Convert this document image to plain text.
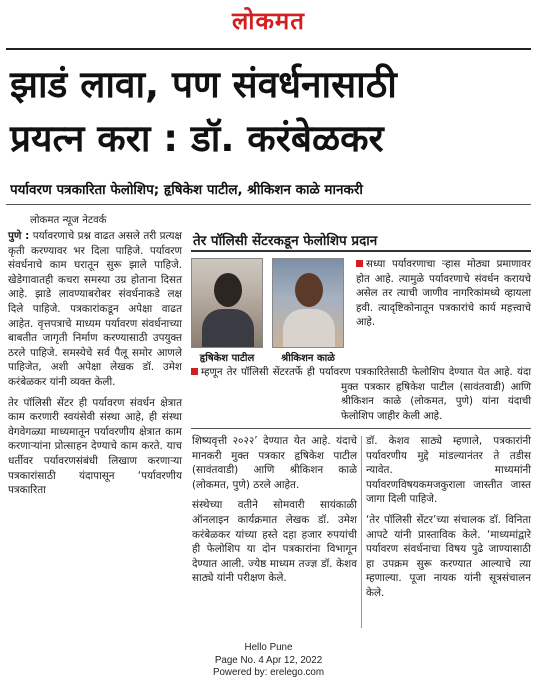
लोकमत
झाडं लावा, पण संवर्धनासाठी
प्रयत्न करा : डॉ. करंबेळकर
पर्यावरण पत्रकारिता फेलोशिप; हृषिकेश पाटील, श्रीकिशन काळे मानकरी
लोकमत न्यूज नेटवर्क

पुणे : पर्यावरणाचे प्रश्न वाढत असले तरी प्रत्यक्ष कृती करण्यावर भर दिला पाहिजे. पर्यावरण संवर्धनाचे काम घरातून सुरू झाले पाहिजे. खेडेगावातही कचरा समस्या उग्र होताना दिसत आहे. झाडे लावण्याबरोबर संवर्धनाकडे लक्ष दिले पाहिजे. पत्रकारांकडून अपेक्षा वाढत आहेत. वृत्तपत्राचे माध्यम पर्यावरण संवर्धनाच्या बाबतीत जागृती निर्माण करण्यासाठी उपयुक्त ठरले पाहिजे. समस्येचे सर्व पैलू समोर आणले पाहिजेत, अशी अपेक्षा लेखक डॉ. उमेश करंबेळकर यांनी व्यक्त केली.

तेर पॉलिसी सेंटर ही पर्यावरण संवर्धन क्षेत्रात काम करणारी स्वयंसेवी संस्था आहे, ही संस्था वेगवेगळ्या माध्यमातून पर्यावरणीय क्षेत्रात काम करणाऱ्यांना प्रोत्साहन देण्याचे काम करते. याच धर्तीवर पर्यावरणसंबंधी लिखाण करणाऱ्या पत्रकारांसाठी यंदापासून ‘पर्यावरणीय पत्रकारिता

तेर पॉलिसी सेंटरकडून फेलोशिप प्रदान
हृषिकेश पाटील	श्रीकिशन काळे
सध्या पर्यावरणाचा ऱ्हास मोठ्या प्रमाणावर होत आहे. त्यामुळे पर्यावरणाचे संवर्धन करायचे असेल तर त्याची जाणीव नागरिकांमध्ये व्हायला हवी. त्यादृष्टिकोनातून पत्रकारांचे कार्य महत्त्वाचे आहे.
म्हणून तेर पॉलिसी सेंटरतर्फे ही पर्यावरण पत्रकारितेसाठी फेलोशिप देण्यात येत आहे. यंदा मुक्त पत्रकार हृषिकेश पाटील (सावंतवाडी) आणि श्रीकिशन काळे (लोकमत, पुणे) यांना यंदाची फेलोशिप जाहीर केली आहे.

शिष्यवृत्ती २०२२’ देण्यात येत आहे. यंदाचे मानकरी मुक्त पत्रकार हृषिकेश पाटील (सावंतवाडी) आणि श्रीकिशन काळे (लोकमत, पुणे) ठरले आहेत.

संस्थेच्या वतीने सोमवारी सायंकाळी ऑनलाइन कार्यक्रमात लेखक डॉ. उमेश करंबेळकर यांच्या हस्ते दहा हजार रुपयांची ही फेलोशिप या दोन पत्रकारांना विभागून देण्यात आली. ज्येष्ठ माध्यम तज्ज्ञ डॉ. केशव साठ्ये यांनी परीक्षण केले.

डॉ. केशव साठ्ये म्हणाले, पत्रकारांनी पर्यावरणीय मुद्दे मांडल्यानंतर ते तडीस न्यावेत. माध्यमांनी पर्यावरणविषयकमजकुराला जास्तीत जास्त जागा दिली पाहिजे.

‘तेर पॉलिसी सेंटर’च्या संचालक डॉ. विनिता आपटे यांनी प्रास्ताविक केले. ‘माध्यमांद्वारे पर्यावरण संवर्धनाचा विषय पुढे जाण्यासाठी हा उपक्रम सुरू करण्यात आल्याचे त्या म्हणाल्या. पूजा नायक यांनी सूत्रसंचालन केले.

Hello Pune
Page No. 4 Apr 12, 2022
Powered by: erelego.com
